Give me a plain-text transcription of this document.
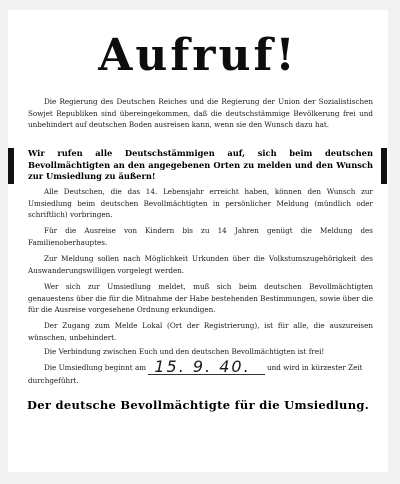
Aufruf!

Die Regierung des Deutschen Reiches und die Regierung der Union der Sozialistischen Sowjet Republiken sind übereingekommen, daß die deutschstämmige Bevölkerung frei und unbehindert auf deutschen Boden ausreisen kann, wenn sie den Wunsch dazu hat.

Wir rufen alle Deutschstämmigen auf, sich beim deutschen Bevollmächtigten an den angegebenen Orten zu melden und den Wunsch zur Umsiedlung zu äußern!

Alle Deutschen, die das 14. Lebensjahr erreicht haben, können den Wunsch zur Umsiedlung beim deutschen Bevollmächtigten in persönlicher Meldung (mündlich oder schriftlich) vorbringen.

Für die Ausreise von Kindern bis zu 14 Jahren genügt die Meldung des Familienoberhauptes.

Zur Meldung sollen nach Möglichkeit Urkunden über die Volkstumszugehörigkeit des Auswanderungswilligen vorgelegt werden.

Wer sich zur Umsiedlung meldet, muß sich beim deutschen Bevollmächtigten genauestens über die für die Mitnahme der Habe bestehenden Bestimmungen, sowie über die für die Ausreise vorgesehene Ordnung erkundigen.

Der Zugang zum Melde Lokal (Ort der Registrierung), ist für alle, die auszureisen wünschen, unbehindert.

Die Verbindung zwischen Euch und den deutschen Bevollmächtigten ist frei!

Die Umsiedlung beginnt am 15. 9. 40. und wird in kürzester Zeit durchgeführt.
Der deutsche Bevollmächtigte für die Umsiedlung.
